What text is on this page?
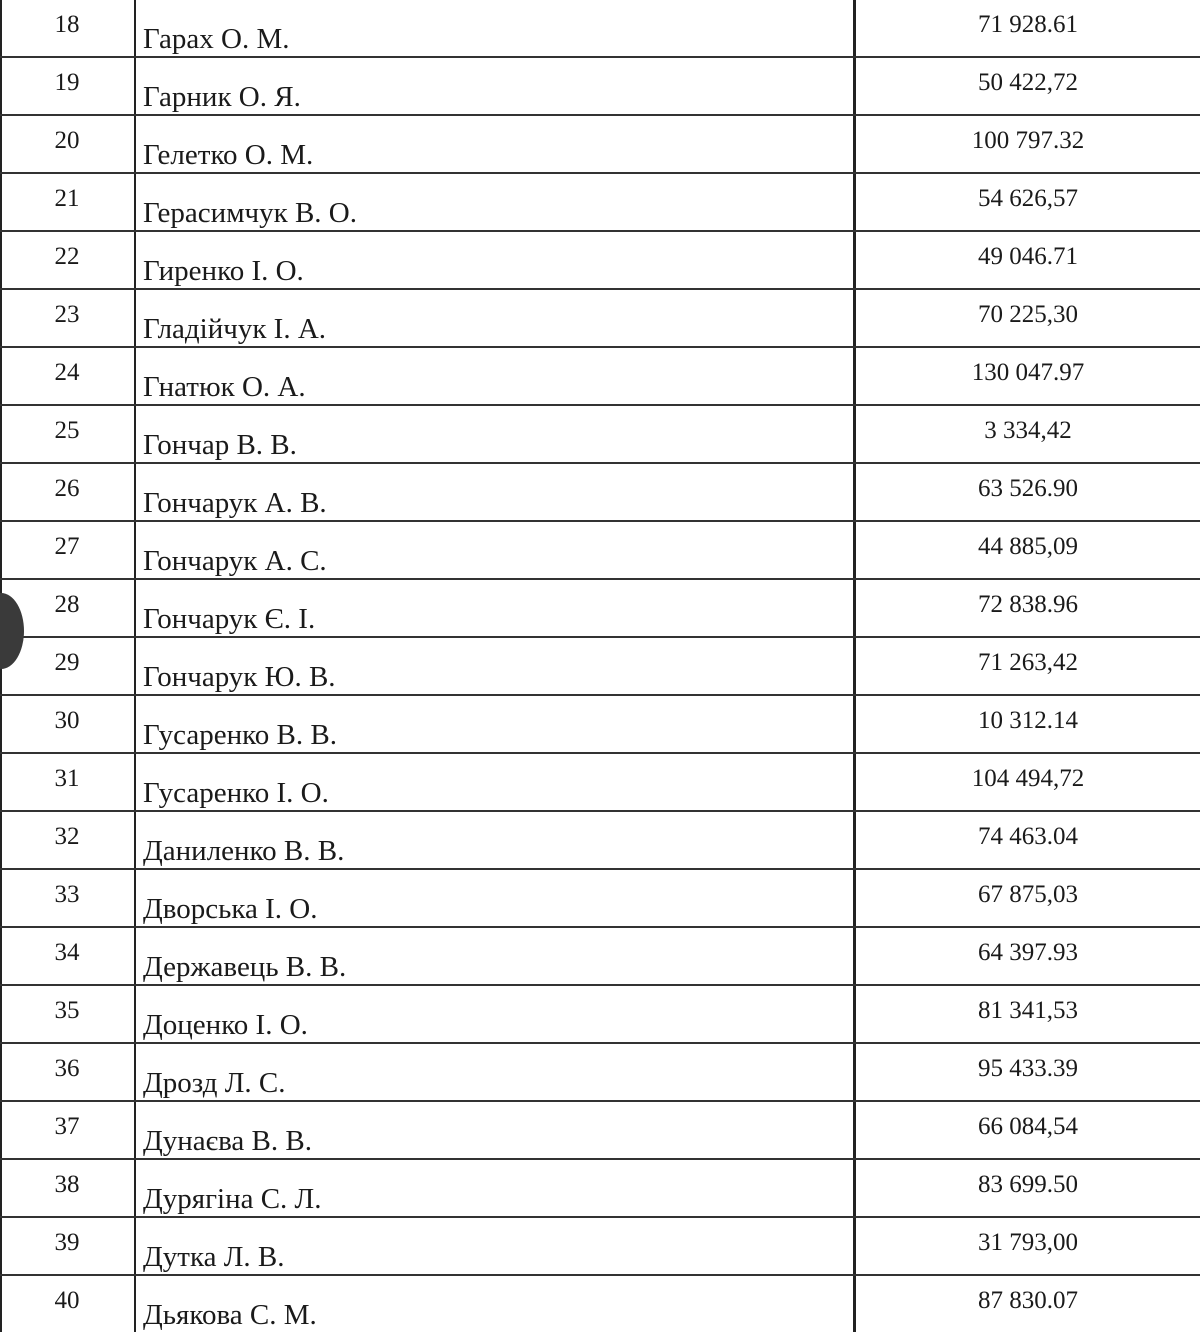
18	Гарах О. М.	71 928.61
19	Гарник О. Я.	50 422,72
20	Гелетко О. М.	100 797.32
21	Герасимчук В. О.	54 626,57
22	Гиренко І. О.	49 046.71
23	Гладійчук І. А.	70 225,30
24	Гнатюк О. А.	130 047.97
25	Гончар В. В.	3 334,42
26	Гончарук А. В.	63 526.90
27	Гончарук А. С.	44 885,09
28	Гончарук Є. І.	72 838.96
29	Гончарук Ю. В.	71 263,42
30	Гусаренко В. В.	10 312.14
31	Гусаренко І. О.	104 494,72
32	Даниленко В. В.	74 463.04
33	Дворська І. О.	67 875,03
34	Державець В. В.	64 397.93
35	Доценко І. О.	81 341,53
36	Дрозд Л. С.	95 433.39
37	Дунаєва В. В.	66 084,54
38	Дурягіна С. Л.	83 699.50
39	Дутка Л. В.	31 793,00
40	Дьякова С. М.	87 830.07
